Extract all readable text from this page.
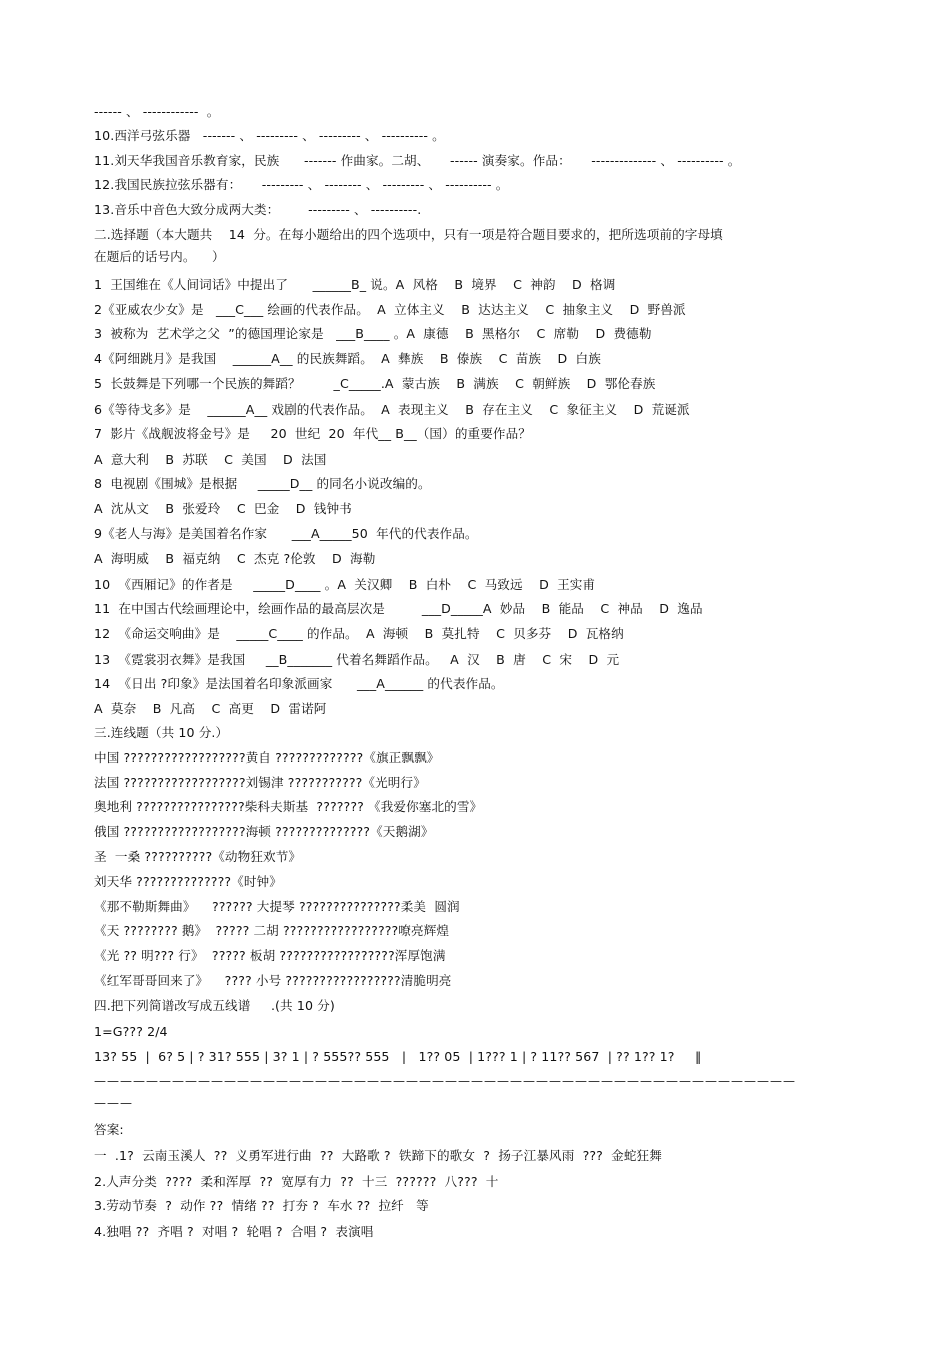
------ 、 ------------  。
10.西洋弓弦乐器   ------- 、 --------- 、 --------- 、 ---------- 。
11.刘天华我国音乐教育家，民族      ------- 作曲家。二胡、     ------ 演奏家。作品：     -------------- 、 ---------- 。
12.我国民族拉弦乐器有：     --------- 、 -------- 、 --------- 、 ---------- 。
13.音乐中音色大致分成两大类：       --------- 、 ----------.
二.选择题（本大题共    14  分。在每小题给出的四个选项中，只有一项是符合题目要求的，把所选项前的字母填
在题后的话号内。    ）
1  王国维在《人间词话》中提出了      ______B_ 说。A  风格    B  境界    C  神韵    D  格调
2《亚威农少女》是   ___C___ 绘画的代表作品。  A  立体主义    B  达达主义    C  抽象主义    D  野兽派
3  被称为  艺术学之父  ”的德国理论家是   ___B____ 。A  康德    B  黑格尔    C  席勒    D  费德勒
4《阿细跳月》是我国    ______A__ 的民族舞蹈。  A  彝族    B  傣族    C  苗族    D  白族
5  长鼓舞是下列哪一个民族的舞蹈？        _C_____.A  蒙古族    B  满族    C  朝鲜族    D  鄂伦春族
6《等待戈多》是    ______A__ 戏剧的代表作品。  A  表现主义    B  存在主义    C  象征主义    D  荒诞派
7  影片《战舰波将金号》是     20  世纪  20  年代__ B__（国）的重要作品？
A  意大利    B  苏联    C  美国    D  法国
8  电视剧《围城》是根据     _____D__ 的同名小说改编的。
A  沈从文    B  张爱玲    C  巴金    D  钱钟书
9《老人与海》是美国着名作家      ___A_____50  年代的代表作品。
A  海明威    B  福克纳    C  杰克 ?伦敦    D  海勒
10  《西厢记》的作者是     _____D____ 。A  关汉卿    B  白朴    C  马致远    D  王实甫
11  在中国古代绘画理论中，绘画作品的最高层次是         ___D_____A  妙品    B  能品    C  神品    D  逸品
12  《命运交响曲》是    _____C____ 的作品。  A  海顿    B  莫扎特    C  贝多芬    D  瓦格纳
13  《霓裳羽衣舞》是我国     __B_______ 代着名舞蹈作品。   A  汉    B  唐    C  宋    D  元
14  《日出 ?印象》是法国着名印象派画家      ___A______ 的代表作品。
A  莫奈    B  凡高    C  高更    D  雷诺阿
三.连线题（共 10 分.）
中国 ??????????????????黄自 ?????????????《旗正飘飘》
法国 ??????????????????刘锡津 ???????????《光明行》
奥地利 ????????????????柴科夫斯基  ??????? 《我爱你塞北的雪》
俄国 ??????????????????海顿 ??????????????《天鹅湖》
圣  一桑 ??????????《动物狂欢节》
刘天华 ??????????????《时钟》
《那不勒斯舞曲》    ?????? 大提琴 ???????????????柔美  圆润
《天 ???????? 鹅》  ????? 二胡 ?????????????????嘹亮辉煌
《光 ?? 明??? 行》  ????? 板胡 ?????????????????浑厚饱满
《红军哥哥回来了》    ???? 小号 ?????????????????清脆明亮
四.把下列简谱改写成五线谱     .(共 10 分)
1=G??? 2/4
13? 55  |  6? 5 | ? 31? 555 | 3? 1 | ? 555?? 555   |   1?? 05  | 1??? 1 | ? 11?? 567  | ?? 1?? 1?     ‖
——————————————————————————————————————————————————————
———
答案:
一  .1?  云南玉溪人  ??  义勇军进行曲  ??  大路歌 ?  铁蹄下的歌女  ?  扬子江暴风雨  ???  金蛇狂舞
2.人声分类  ????  柔和浑厚  ??  宽厚有力  ??  十三  ??????  八???  十
3.劳动节奏  ?  动作 ??  情绪 ??  打夯 ?  车水 ??  拉纤   等
4.独唱 ??  齐唱 ?  对唱 ?  轮唱 ?  合唱 ?  表演唱
